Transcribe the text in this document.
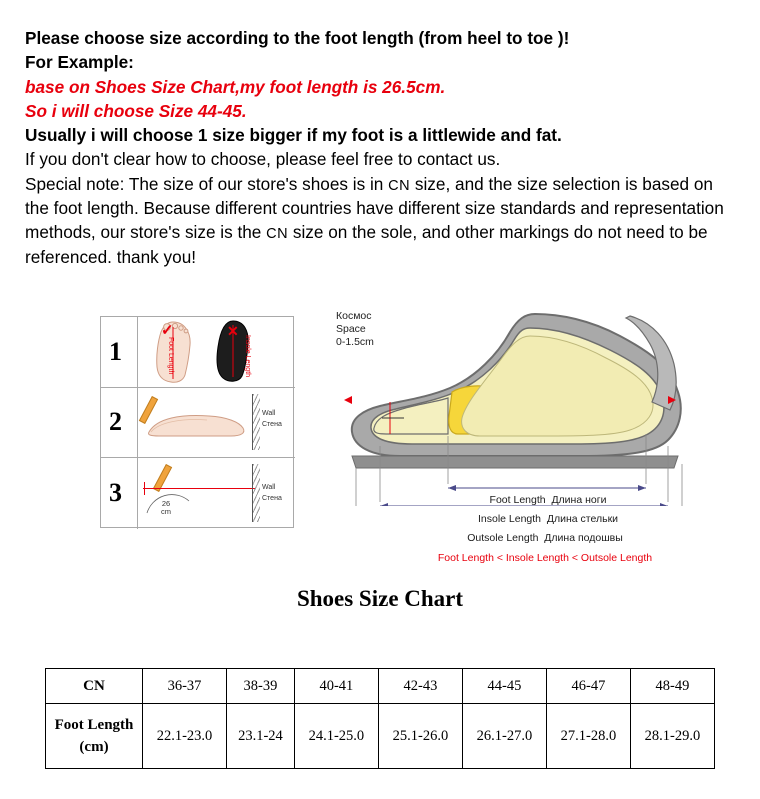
Please choose size according to the foot length (from heel to toe )!
For Example:
base on Shoes Size Chart,my foot length is 26.5cm.
So i will choose Size 44-45.
Usually i will choose 1 size bigger if my foot is a littlewide and fat.
If you don't clear how to choose, please feel free to contact us.
Special note: The size of our store's shoes is in CN size, and the size selection is based on the foot length. Because different countries have different size standards and representation methods, our store's size is the CN size on the sole, and other markings do not need to be referenced. thank you!
1	Foot Length
✓
Insole Length
✕
2	Wall
Стена
3	26
cm
Wall
Стена
Космос
Space
0-1.5cm
Foot Length Длина ноги
Insole Length Длина стельки
Outsole Length Длина подошвы
Foot Length < Insole Length < Outsole Length
Shoes Size Chart
CN	36-37	38-39	40-41	42-43	44-45	46-47	48-49

Foot Length
(cm)	22.1-23.0	23.1-24	24.1-25.0	25.1-26.0	26.1-27.0	27.1-28.0	28.1-29.0
